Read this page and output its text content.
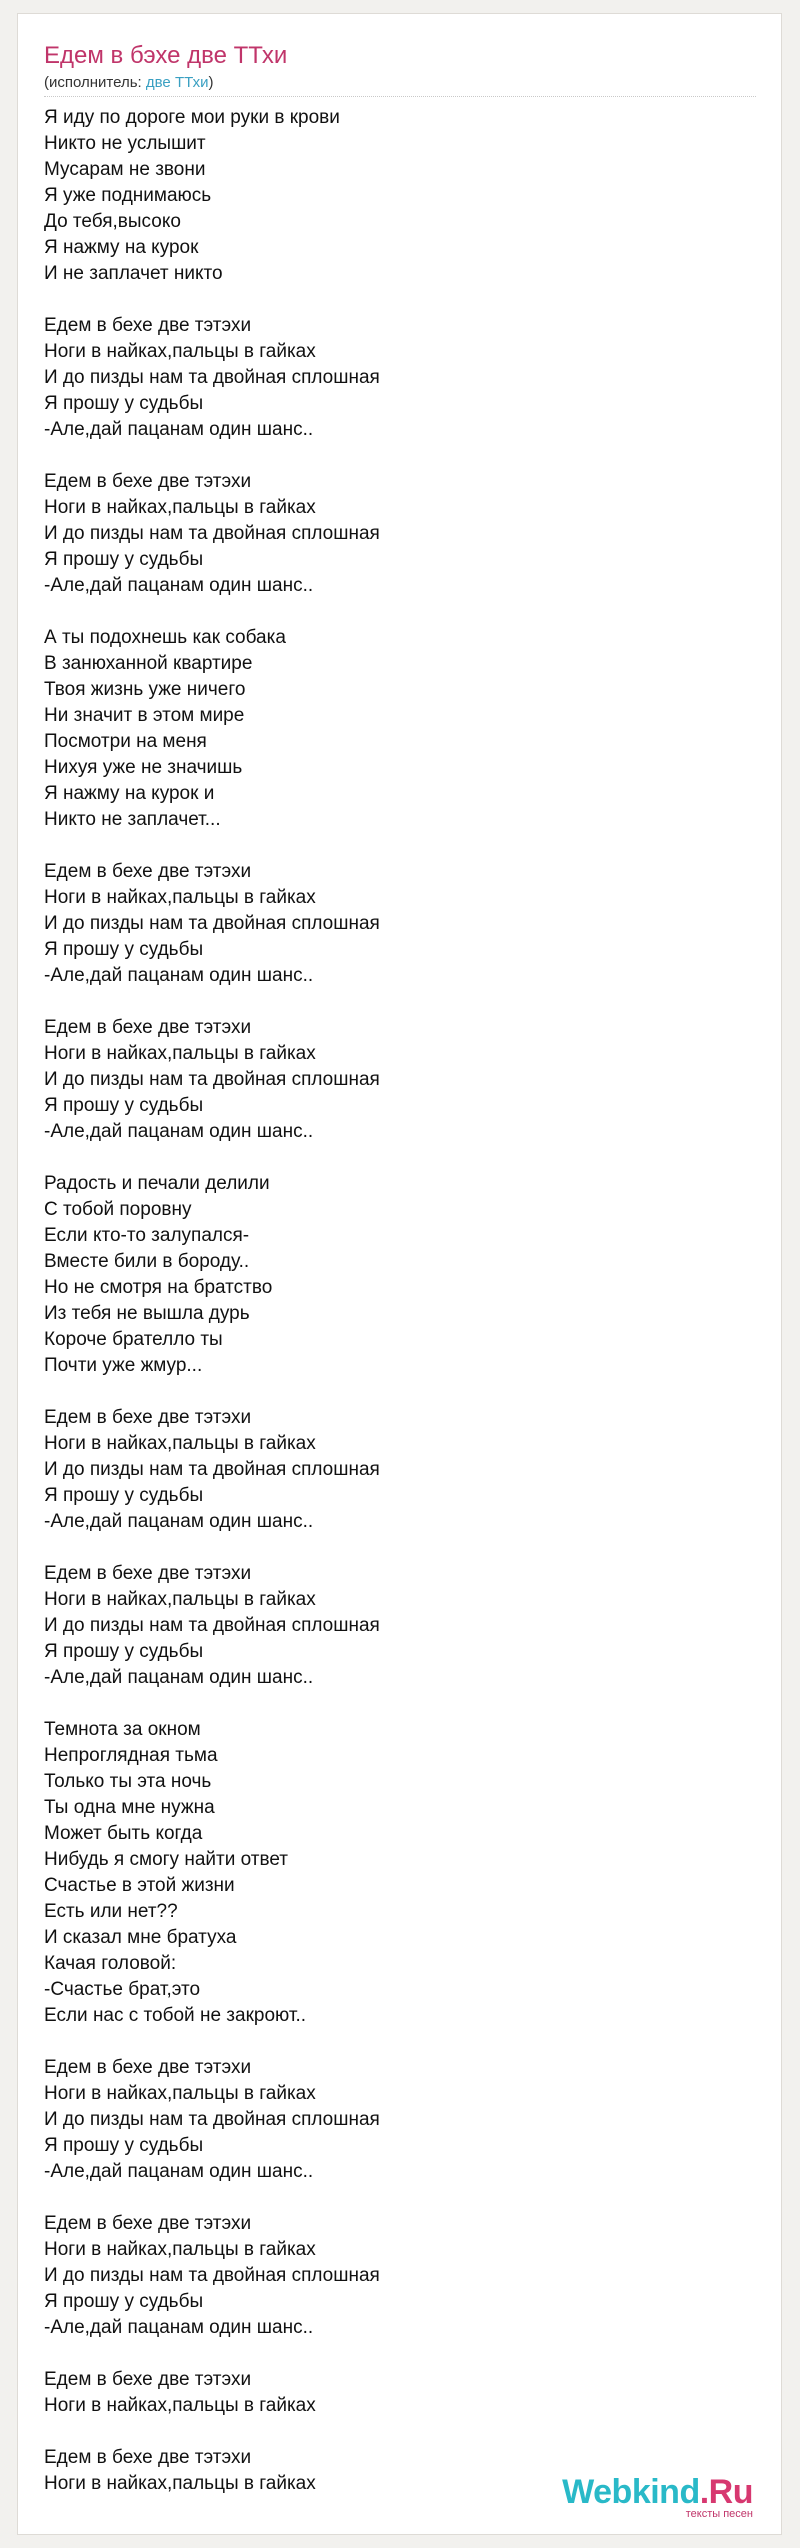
Едем в бэхе две ТТхи
(исполнитель: две ТТхи)
Я иду по дороге мои руки в крови
Никто не услышит
Мусарам не звони
Я уже поднимаюсь
До тебя,высоко
Я нажму на курок
И не заплачет никто
Едем в бехе две тэтэхи
Ноги в найках,пальцы в гайках
И до пизды нам та двойная сплошная
Я прошу у судьбы
-Але,дай пацанам один шанс..
Едем в бехе две тэтэхи
Ноги в найках,пальцы в гайках
И до пизды нам та двойная сплошная
Я прошу у судьбы
-Але,дай пацанам один шанс..
А ты подохнешь как собака
В занюханной квартире
Твоя жизнь уже ничего
Ни значит в этом мире
Посмотри на меня
Нихуя уже не значишь
Я нажму на курок и
Никто не заплачет...
Едем в бехе две тэтэхи
Ноги в найках,пальцы в гайках
И до пизды нам та двойная сплошная
Я прошу у судьбы
-Але,дай пацанам один шанс..
Едем в бехе две тэтэхи
Ноги в найках,пальцы в гайках
И до пизды нам та двойная сплошная
Я прошу у судьбы
-Але,дай пацанам один шанс..
Радость и печали делили
С тобой поровну
Если кто-то залупался-
Вместе били в бороду..
Но не смотря на братство
Из тебя не вышла дурь
Короче брателло ты
Почти уже жмур...
Едем в бехе две тэтэхи
Ноги в найках,пальцы в гайках
И до пизды нам та двойная сплошная
Я прошу у судьбы
-Але,дай пацанам один шанс..
Едем в бехе две тэтэхи
Ноги в найках,пальцы в гайках
И до пизды нам та двойная сплошная
Я прошу у судьбы
-Але,дай пацанам один шанс..
Темнота за окном
Непроглядная тьма
Только ты эта ночь
Ты одна мне нужна
Может быть когда
Нибудь я смогу найти ответ
Счастье в этой жизни
Есть или нет??
И сказал мне братуха
Качая головой:
-Счастье брат,это
Если нас с тобой не закроют..
Едем в бехе две тэтэхи
Ноги в найках,пальцы в гайках
И до пизды нам та двойная сплошная
Я прошу у судьбы
-Але,дай пацанам один шанс..
Едем в бехе две тэтэхи
Ноги в найках,пальцы в гайках
И до пизды нам та двойная сплошная
Я прошу у судьбы
-Але,дай пацанам один шанс..
Едем в бехе две тэтэхи
Ноги в найках,пальцы в гайках
Едем в бехе две тэтэхи
Ноги в найках,пальцы в гайках	Webkind.Ru
тексты песен
